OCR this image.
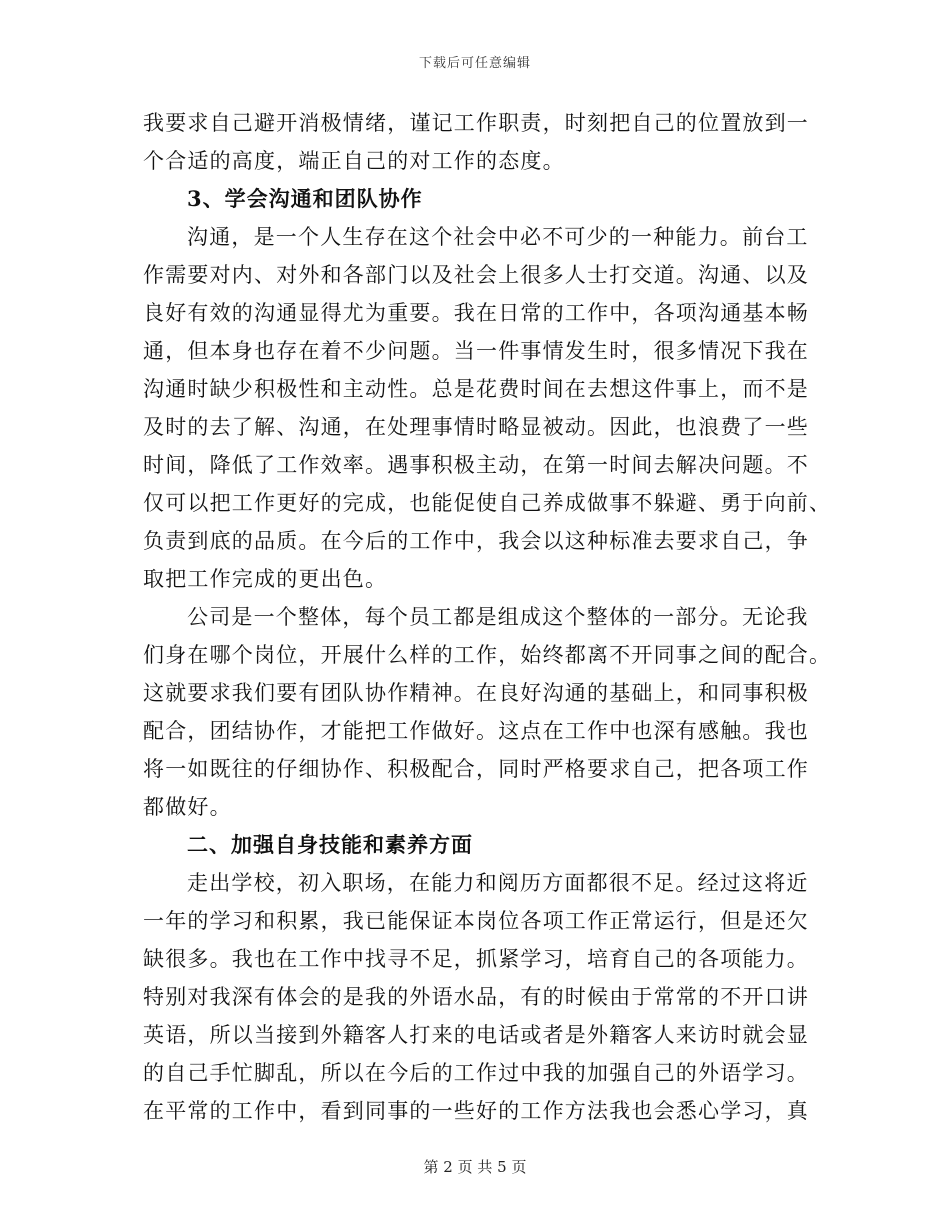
下载后可任意编辑
我要求自己避开消极情绪，谨记工作职责，时刻把自己的位置放到一
个合适的高度，端正自己的对工作的态度。
3、学会沟通和团队协作
沟通，是一个人生存在这个社会中必不可少的一种能力。前台工
作需要对内、对外和各部门以及社会上很多人士打交道。沟通、以及
良好有效的沟通显得尤为重要。我在日常的工作中，各项沟通基本畅
通，但本身也存在着不少问题。当一件事情发生时，很多情况下我在
沟通时缺少积极性和主动性。总是花费时间在去想这件事上，而不是
及时的去了解、沟通，在处理事情时略显被动。因此，也浪费了一些
时间，降低了工作效率。遇事积极主动，在第一时间去解决问题。不
仅可以把工作更好的完成，也能促使自己养成做事不躲避、勇于向前、
负责到底的品质。在今后的工作中，我会以这种标准去要求自己，争
取把工作完成的更出色。
公司是一个整体，每个员工都是组成这个整体的一部分。无论我
们身在哪个岗位，开展什么样的工作，始终都离不开同事之间的配合。
这就要求我们要有团队协作精神。在良好沟通的基础上，和同事积极
配合，团结协作，才能把工作做好。这点在工作中也深有感触。我也
将一如既往的仔细协作、积极配合，同时严格要求自己，把各项工作
都做好。
二、加强自身技能和素养方面
走出学校，初入职场，在能力和阅历方面都很不足。经过这将近
一年的学习和积累，我已能保证本岗位各项工作正常运行，但是还欠
缺很多。我也在工作中找寻不足，抓紧学习，培育自己的各项能力。
特别对我深有体会的是我的外语水品，有的时候由于常常的不开口讲
英语，所以当接到外籍客人打来的电话或者是外籍客人来访时就会显
的自己手忙脚乱，所以在今后的工作过中我的加强自己的外语学习。
在平常的工作中，看到同事的一些好的工作方法我也会悉心学习，真
第 2 页 共 5 页
